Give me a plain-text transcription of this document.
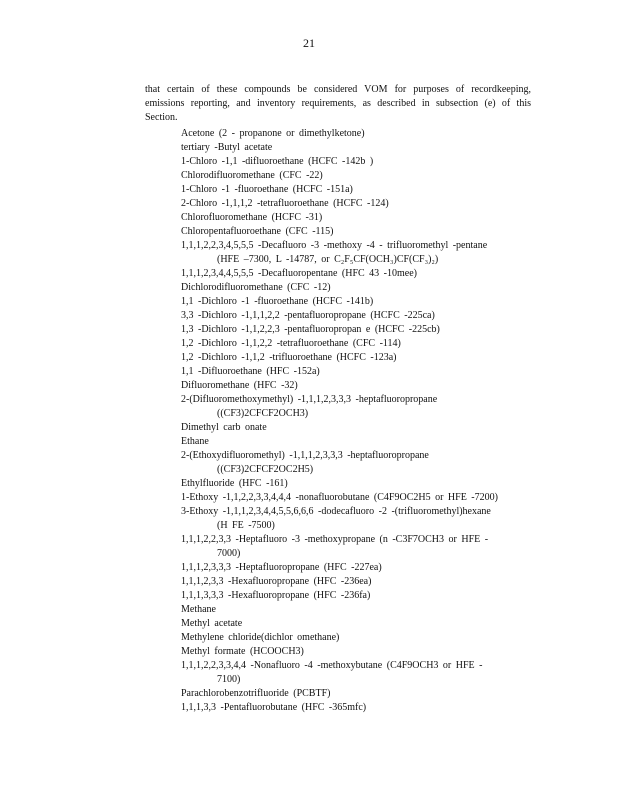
21

that certain of these compounds be considered VOM for purposes of recordkeeping, emissions reporting, and inventory requirements, as described in subsection (e) of this Section.

Acetone (2 - propanone or dimethylketone)
tertiary -Butyl acetate
1-Chloro -1,1 -difluoroethane (HCFC -142b )
Chlorodifluoromethane (CFC -22)
1-Chloro -1 -fluoroethane (HCFC -151a)
2-Chloro -1,1,1,2 -tetrafluoroethane (HCFC -124)
Chlorofluoromethane (HCFC -31)
Chloropentafluoroethane (CFC -115)
1,1,1,2,2,3,4,5,5,5 -Decafluoro -3 -methoxy -4 - trifluoromethyl -pentane
(HFE –7300, L -14787, or C₂F₅CF(OCH₃)CF(CF₃)₂)
1,1,1,2,3,4,4,5,5,5 -Decafluoropentane (HFC 43 -10mee)
Dichlorodifluoromethane (CFC -12)
1,1 -Dichloro -1 -fluoroethane (HCFC -141b)
3,3 -Dichloro -1,1,1,2,2 -pentafluoropropane (HCFC -225ca)
1,3 -Dichloro -1,1,2,2,3 -pentafluoropropan e (HCFC -225cb)
1,2 -Dichloro -1,1,2,2 -tetrafluoroethane (CFC -114)
1,2 -Dichloro -1,1,2 -trifluoroethane (HCFC -123a)
1,1 -Difluoroethane (HFC -152a)
Difluoromethane (HFC -32)
2-(Difluoromethoxymethyl) -1,1,1,2,3,3,3 -heptafluoropropane
((CF3)2CFCF2OCH3)
Dimethyl carb onate
Ethane
2-(Ethoxydifluoromethyl) -1,1,1,2,3,3,3 -heptafluoropropane
((CF3)2CFCF2OC2H5)
Ethylfluoride (HFC -161)
1-Ethoxy -1,1,2,2,3,3,4,4,4 -nonafluorobutane (C4F9OC2H5 or HFE -7200)
3-Ethoxy -1,1,1,2,3,4,4,5,5,6,6,6 -dodecafluoro -2 -(trifluoromethyl)hexane
(H FE -7500)
1,1,1,2,2,3,3 -Heptafluoro -3 -methoxypropane (n -C3F7OCH3 or HFE -
7000)
1,1,1,2,3,3,3 -Heptafluoropropane (HFC -227ea)
1,1,1,2,3,3 -Hexafluoropropane (HFC -236ea)
1,1,1,3,3,3 -Hexafluoropropane (HFC -236fa)
Methane
Methyl acetate
Methylene chloride(dichlor omethane)
Methyl formate (HCOOCH3)
1,1,1,2,2,3,3,4,4 -Nonafluoro -4 -methoxybutane (C4F9OCH3 or HFE -
7100)
Parachlorobenzotrifluoride (PCBTF)
1,1,1,3,3 -Pentafluorobutane (HFC -365mfc)
